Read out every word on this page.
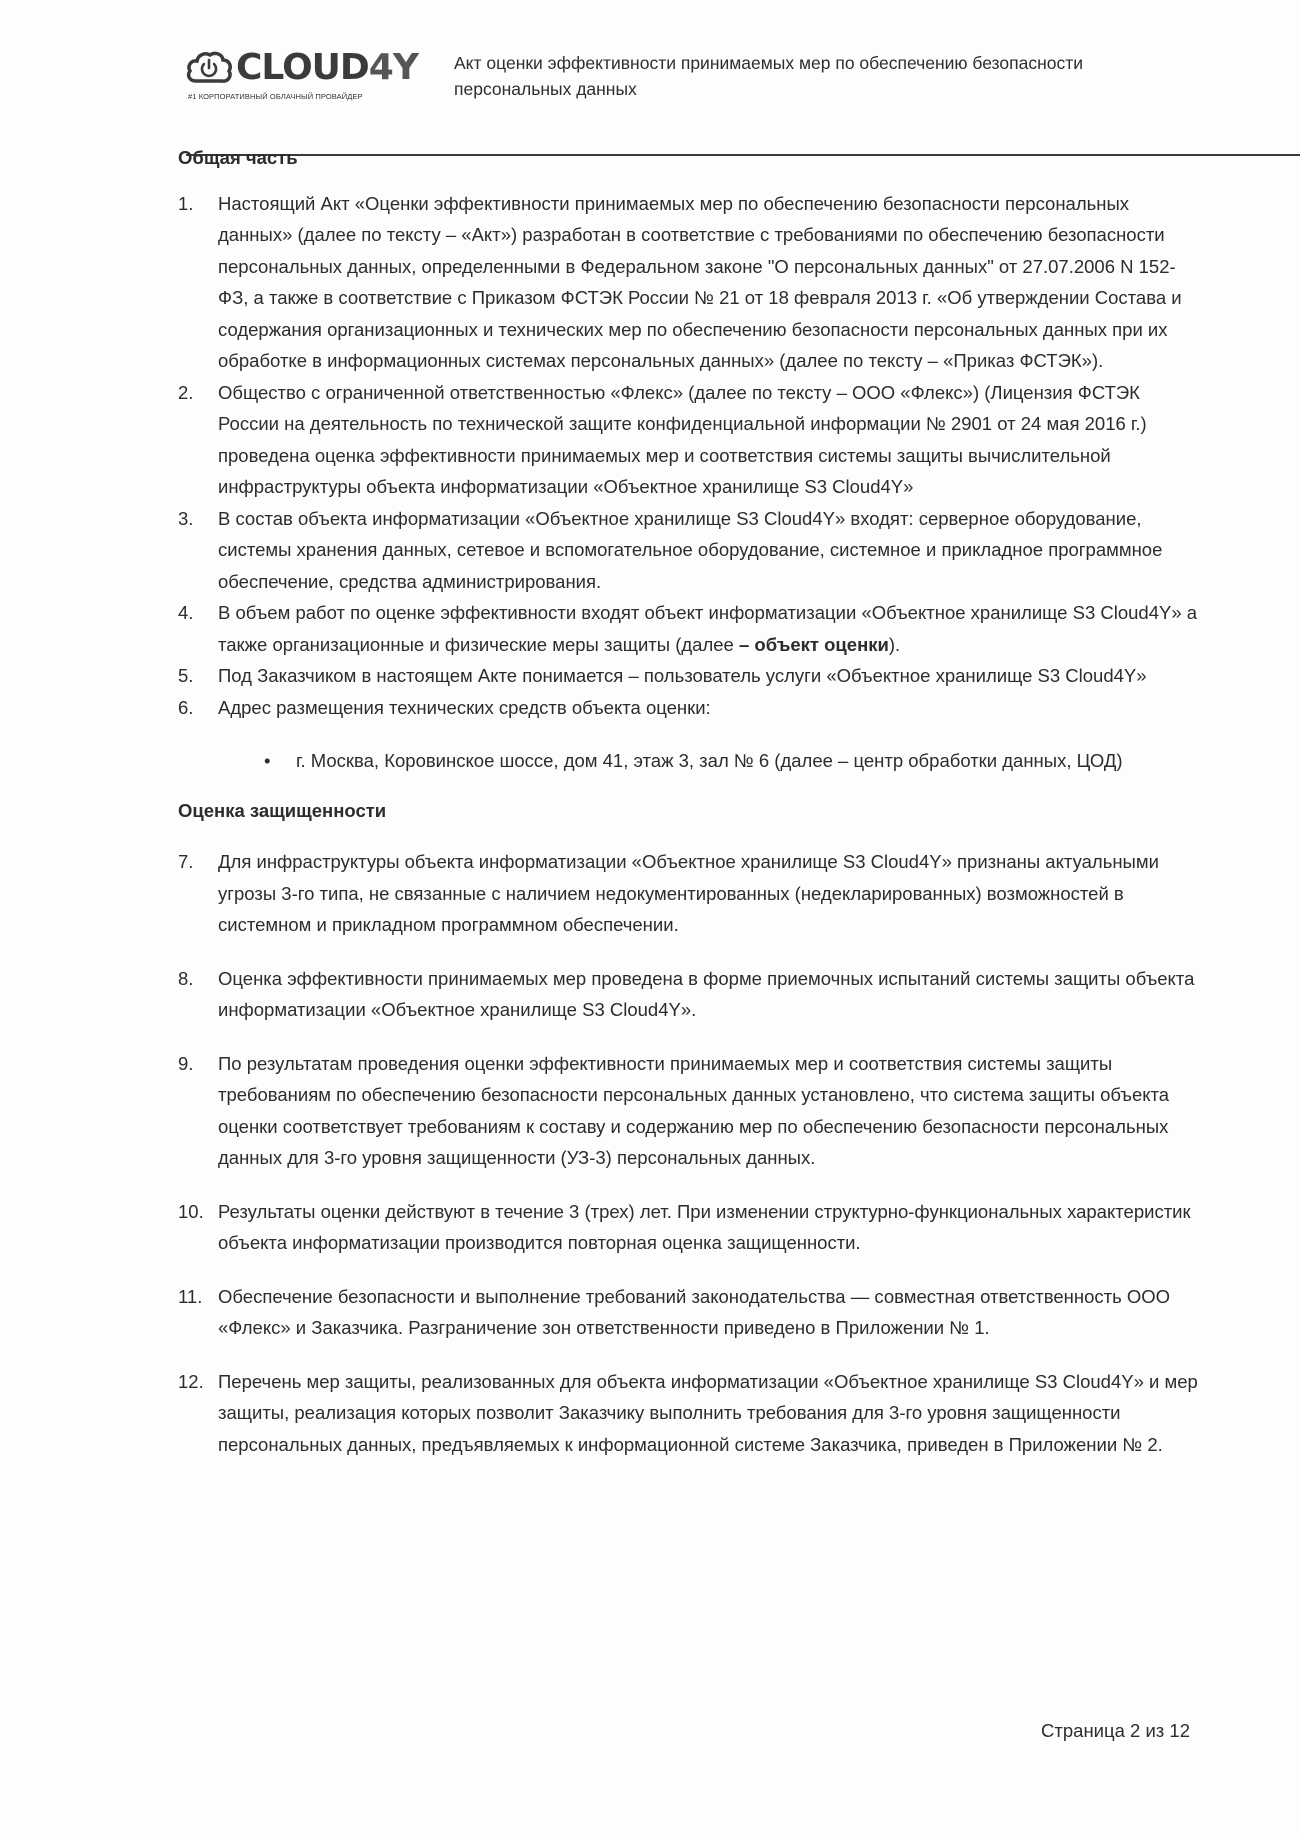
CLOUD4Y
#1 КОРПОРАТИВНЫЙ ОБЛАЧНЫЙ ПРОВАЙДЕР
Акт оценки эффективности принимаемых мер по обеспечению безопасности персональных данных

Общая часть

1. Настоящий Акт «Оценки эффективности принимаемых мер по обеспечению безопасности персональных данных» (далее по тексту – «Акт») разработан в соответствие с требованиями по обеспечению безопасности персональных данных, определенными в Федеральном законе "О персональных данных" от 27.07.2006 N 152-ФЗ, а также в соответствие с Приказом ФСТЭК России № 21 от 18 февраля 2013 г. «Об утверждении Состава и содержания организационных и технических мер по обеспечению безопасности персональных данных при их обработке в информационных системах персональных данных» (далее по тексту – «Приказ ФСТЭК»).
2. Общество с ограниченной ответственностью «Флекс» (далее по тексту – ООО «Флекс») (Лицензия ФСТЭК России на деятельность по технической защите конфиденциальной информации № 2901 от 24 мая 2016 г.) проведена оценка эффективности принимаемых мер и соответствия системы защиты вычислительной инфраструктуры объекта информатизации «Объектное хранилище S3 Cloud4Y»
3. В состав объекта информатизации «Объектное хранилище S3 Cloud4Y» входят: серверное оборудование, системы хранения данных, сетевое и вспомогательное оборудование, системное и прикладное программное обеспечение, средства администрирования.
4. В объем работ по оценке эффективности входят объект информатизации «Объектное хранилище S3 Cloud4Y» а также организационные и физические меры защиты (далее – объект оценки).
5. Под Заказчиком в настоящем Акте понимается – пользователь услуги «Объектное хранилище S3 Cloud4Y»
6. Адрес размещения технических средств объекта оценки:
• г. Москва, Коровинское шоссе, дом 41, этаж 3, зал № 6 (далее – центр обработки данных, ЦОД)

Оценка защищенности

7. Для инфраструктуры объекта информатизации «Объектное хранилище S3 Cloud4Y» признаны актуальными угрозы 3-го типа, не связанные с наличием недокументированных (недекларированных) возможностей в системном и прикладном программном обеспечении.
8. Оценка эффективности принимаемых мер проведена в форме приемочных испытаний системы защиты объекта информатизации «Объектное хранилище S3 Cloud4Y».
9. По результатам проведения оценки эффективности принимаемых мер и соответствия системы защиты требованиям по обеспечению безопасности персональных данных установлено, что система защиты объекта оценки соответствует требованиям к составу и содержанию мер по обеспечению безопасности персональных данных для 3-го уровня защищенности (УЗ-3) персональных данных.
10. Результаты оценки действуют в течение 3 (трех) лет. При изменении структурно-функциональных характеристик объекта информатизации производится повторная оценка защищенности.
11. Обеспечение безопасности и выполнение требований законодательства — совместная ответственность ООО «Флекс» и Заказчика. Разграничение зон ответственности приведено в Приложении № 1.
12. Перечень мер защиты, реализованных для объекта информатизации «Объектное хранилище S3 Cloud4Y» и мер защиты, реализация которых позволит Заказчику выполнить требования для 3-го уровня защищенности персональных данных, предъявляемых к информационной системе Заказчика, приведен в Приложении № 2.
Страница 2 из 12
